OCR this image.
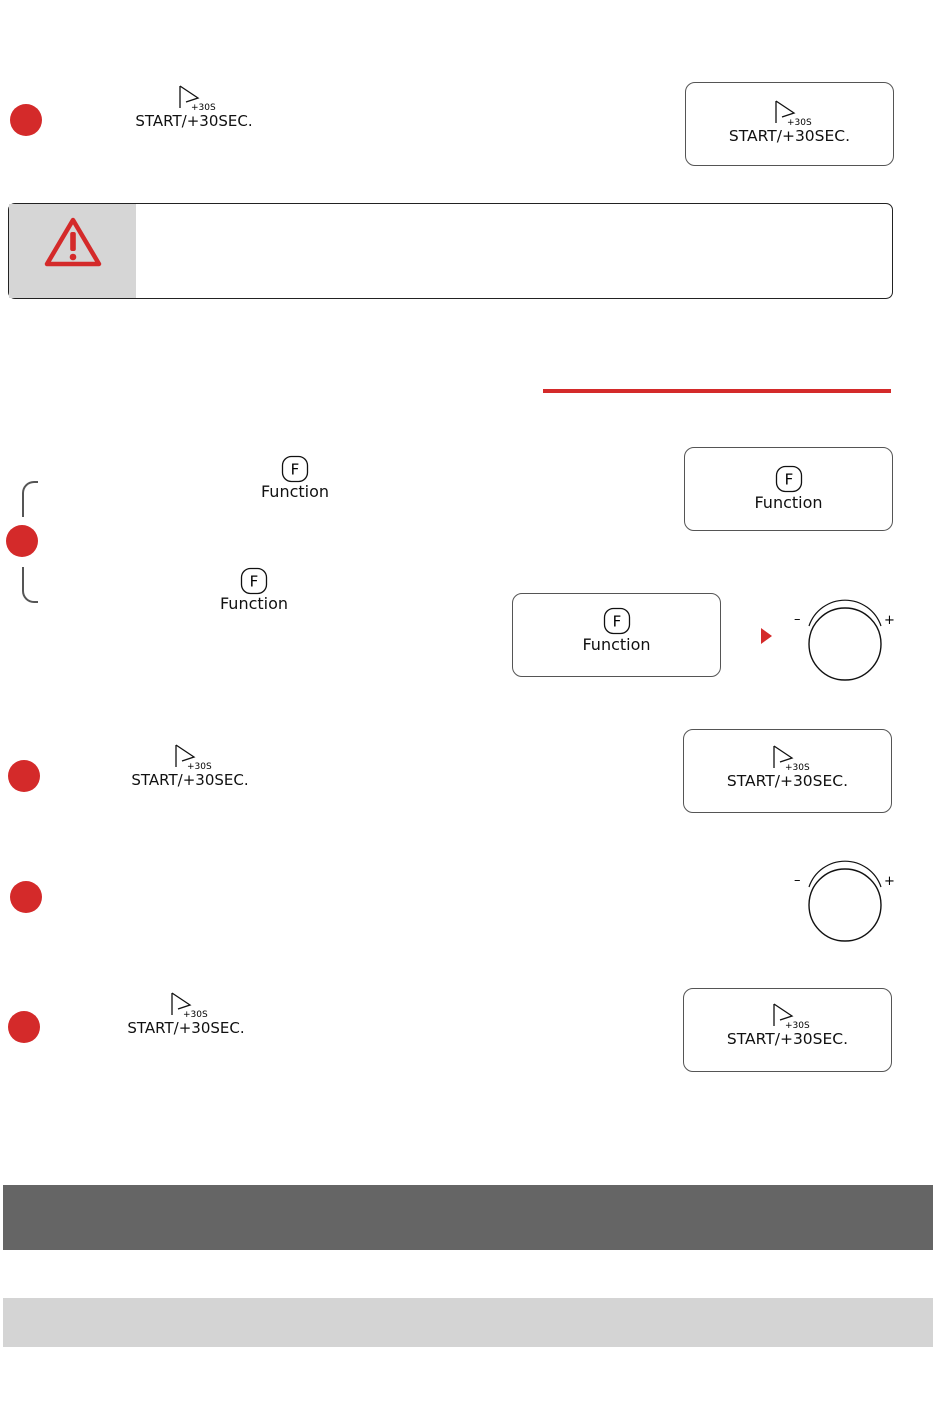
+30S
START/+30SEC.	+30S
START/+30SEC.
F
Function
F
Function
F
Function
F
Function
–	+
+30S
START/+30SEC.
+30S
START/+30SEC.
–	+
+30S
START/+30SEC.	+30S
START/+30SEC.
